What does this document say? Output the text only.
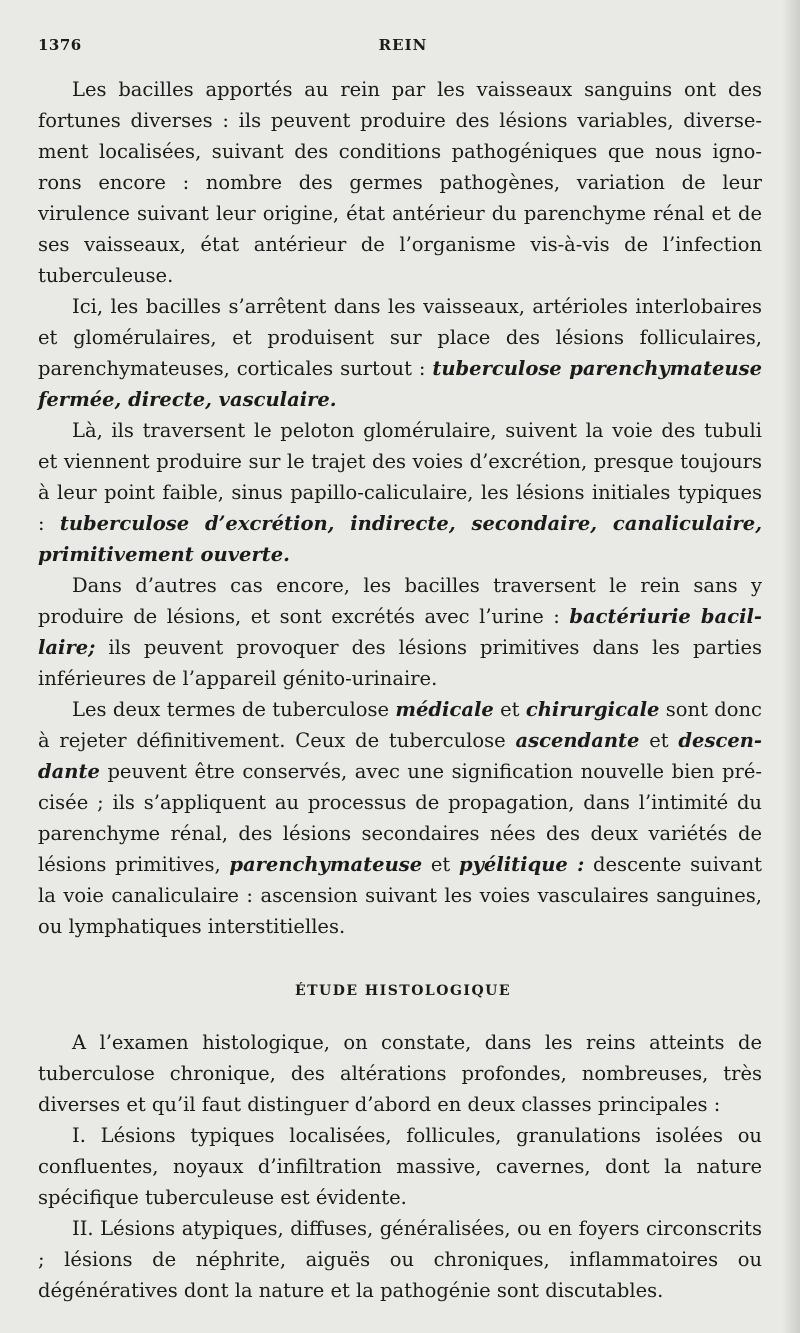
1376	REIN

Les bacilles apportés au rein par les vaisseaux sanguins ont des fortunes diverses : ils peuvent produire des lésions variables, diversement localisées, suivant des conditions pathogéniques que nous ignorons encore : nombre des germes pathogènes, variation de leur virulence suivant leur origine, état antérieur du parenchyme rénal et de ses vaisseaux, état antérieur de l’organisme vis-à-vis de l’infection tuberculeuse.

Ici, les bacilles s’arrêtent dans les vaisseaux, artérioles interlobaires et glomérulaires, et produisent sur place des lésions folliculaires, parenchymateuses, corticales surtout : tuberculose parenchymateuse fermée, directe, vasculaire.

Là, ils traversent le peloton glomérulaire, suivent la voie des tubuli et viennent produire sur le trajet des voies d’excrétion, presque toujours à leur point faible, sinus papillo-caliculaire, les lésions initiales typiques : tuberculose d’excrétion, indirecte, secondaire, canaliculaire, primitivement ouverte.

Dans d’autres cas encore, les bacilles traversent le rein sans y produire de lésions, et sont excrétés avec l’urine : bactériurie bacillaire; ils peuvent provoquer des lésions primitives dans les parties inférieures de l’appareil génito-urinaire.

Les deux termes de tuberculose médicale et chirurgicale sont donc à rejeter définitivement. Ceux de tuberculose ascendante et descendante peuvent être conservés, avec une signification nouvelle bien précisée ; ils s’appliquent au processus de propagation, dans l’intimité du parenchyme rénal, des lésions secondaires nées des deux variétés de lésions primitives, parenchymateuse et pyélitique : descente suivant la voie canaliculaire : ascension suivant les voies vasculaires sanguines, ou lymphatiques interstitielles.

ÉTUDE HISTOLOGIQUE

A l’examen histologique, on constate, dans les reins atteints de tuberculose chronique, des altérations profondes, nombreuses, très diverses et qu’il faut distinguer d’abord en deux classes principales :

I. Lésions typiques localisées, follicules, granulations isolées ou confluentes, noyaux d’infiltration massive, cavernes, dont la nature spécifique tuberculeuse est évidente.

II. Lésions atypiques, diffuses, généralisées, ou en foyers circonscrits ; lésions de néphrite, aiguës ou chroniques, inflammatoires ou dégénératives dont la nature et la pathogénie sont discutables.
